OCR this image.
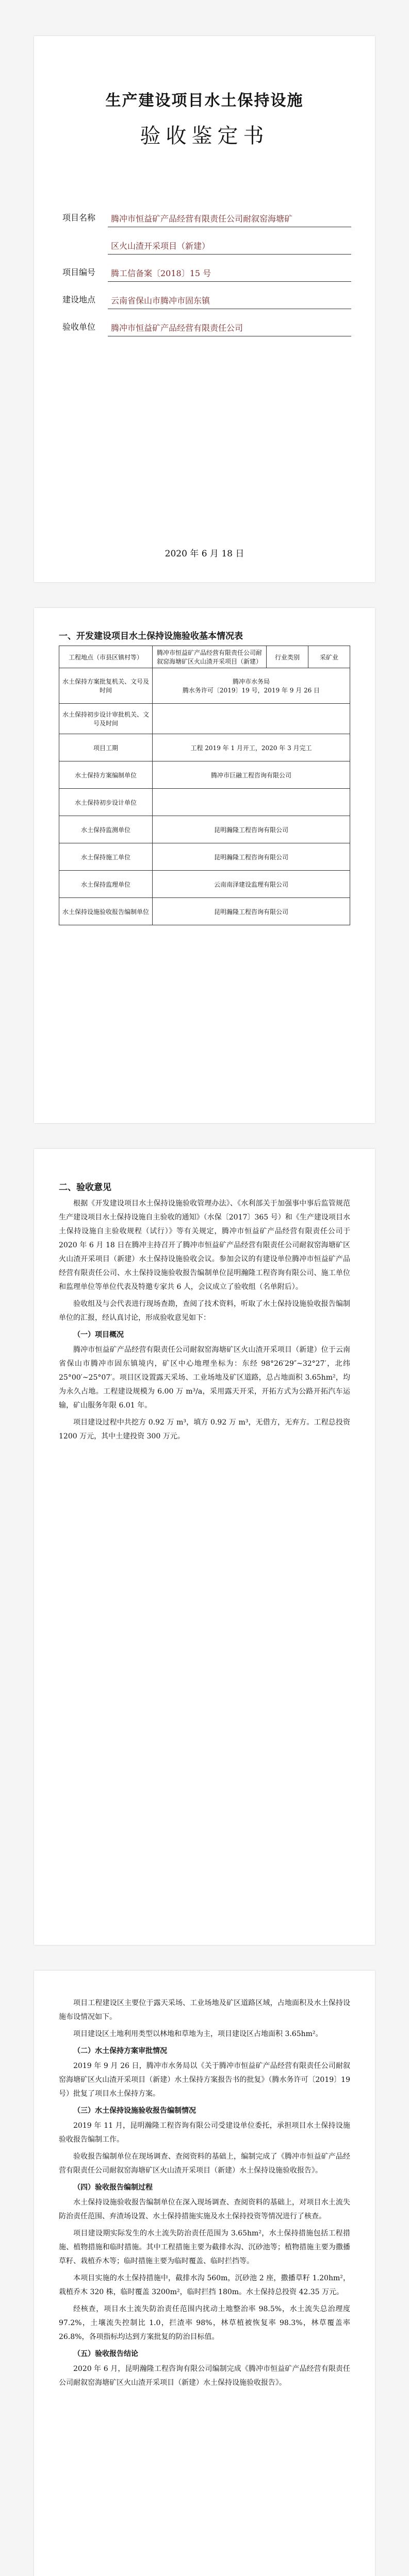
生产建设项目水土保持设施
验收鉴定书
项目名称	腾冲市恒益矿产品经营有限责任公司耐叙窑海塘矿
区火山渣开采项目（新建）
项目编号	腾工信备案〔2018〕15 号
建设地点	云南省保山市腾冲市固东镇
验收单位	腾冲市恒益矿产品经营有限责任公司
2020 年 6 月 18 日
一、开发建设项目水土保持设施验收基本情况表
工程地点（市县区镇村等）	腾冲市恒益矿产品经营有限责任公司耐叙窑海塘矿区火山渣开采项目（新建）	行业类别	采矿业
水土保持方案批复机关、文号及时间	腾冲市水务局
腾水务许可〔2019〕19 号，2019 年 9 月 26 日		
水土保持初步设计审批机关、文号及时间			
项目工期	工程 2019 年 1 月开工，2020 年 3 月完工		
水土保持方案编制单位	腾冲市巨融工程咨询有限公司		
水土保持初步设计单位			
水土保持监测单位	昆明瀚隆工程咨询有限公司		
水土保持施工单位	昆明瀚隆工程咨询有限公司		
水土保持监理单位	云南南泽建设监理有限公司		
水土保持设施验收报告编制单位	昆明瀚隆工程咨询有限公司		
二、验收意见

根据《开发建设项目水土保持设施验收管理办法》、《水利部关于加强事中事后监管规范生产建设项目水土保持设施自主验收的通知》（水保〔2017〕365 号）和《生产建设项目水土保持设施自主验收规程（试行）》等有关规定，腾冲市恒益矿产品经营有限责任公司于 2020 年 6 月 18 日在腾冲主持召开了腾冲市恒益矿产品经营有限责任公司耐叙窑海塘矿区火山渣开采项目（新建）水土保持设施验收会议。参加会议的有建设单位腾冲市恒益矿产品经营有限责任公司、水土保持设施验收报告编制单位昆明瀚隆工程咨询有限公司、施工单位和监理单位等单位代表及特邀专家共 6 人，会议成立了验收组（名单附后）。

验收组及与会代表进行现场查勘，查阅了技术资料，听取了水土保持设施验收报告编制单位的汇报，经认真讨论，形成验收意见如下：

（一）项目概况

腾冲市恒益矿产品经营有限责任公司耐叙窑海塘矿区火山渣开采项目（新建）位于云南省保山市腾冲市固东镇境内，矿区中心地理坐标为：东经 98°26′29″~32°27′，北纬 25°00′~25°07′。项目区设置露天采场、工业场地及矿区道路，总占地面积 3.65hm²，均为永久占地。工程建设规模为 6.00 万 m³/a，采用露天开采，开拓方式为公路开拓汽车运输，矿山服务年限 6.01 年。

项目建设过程中共挖方 0.92 万 m³，填方 0.92 万 m³，无借方，无弃方。工程总投资 1200 万元，其中土建投资 300 万元。

项目工程建设区主要位于露天采场、工业场地及矿区道路区域，占地面积及水土保持设施布设情况如下。

项目建设区土地利用类型以林地和草地为主，项目建设区占地面积 3.65hm²。

（二）水土保持方案审批情况

2019 年 9 月 26 日，腾冲市水务局以《关于腾冲市恒益矿产品经营有限责任公司耐叙窑海塘矿区火山渣开采项目（新建）水土保持方案报告书的批复》（腾水务许可〔2019〕19 号）批复了项目水土保持方案。

（三）水土保持设施验收报告编制情况

2019 年 11 月，昆明瀚隆工程咨询有限公司受建设单位委托，承担项目水土保持设施验收报告编制工作。

验收报告编制单位在现场调查、查阅资料的基础上，编制完成了《腾冲市恒益矿产品经营有限责任公司耐叙窑海塘矿区火山渣开采项目（新建）水土保持设施验收报告》。

（四）验收报告编制过程

水土保持设施验收报告编制单位在深入现场调查、查阅资料的基础上，对项目水土流失防治责任范围、弃渣场设置、水土保持措施实施及水土保持投资等情况进行了核查。

项目建设期实际发生的水土流失防治责任范围为 3.65hm²，水土保持措施包括工程措施、植物措施和临时措施。其中工程措施主要为截排水沟、沉砂池等；植物措施主要为撒播草籽、栽植乔木等；临时措施主要为临时覆盖、临时拦挡等。

本项目实施的水土保持措施中，截排水沟 560m，沉砂池 2 座，撒播草籽 1.20hm²，栽植乔木 320 株，临时覆盖 3200m²，临时拦挡 180m。水土保持总投资 42.35 万元。

经核查，项目水土流失防治责任范围内扰动土地整治率 98.5%，水土流失总治理度 97.2%，土壤流失控制比 1.0，拦渣率 98%，林草植被恢复率 98.3%，林草覆盖率 26.8%，各项指标均达到方案批复的防治目标值。

（五）验收报告结论

2020 年 6 月，昆明瀚隆工程咨询有限公司编制完成《腾冲市恒益矿产品经营有限责任公司耐叙窑海塘矿区火山渣开采项目（新建）水土保持设施验收报告》。
